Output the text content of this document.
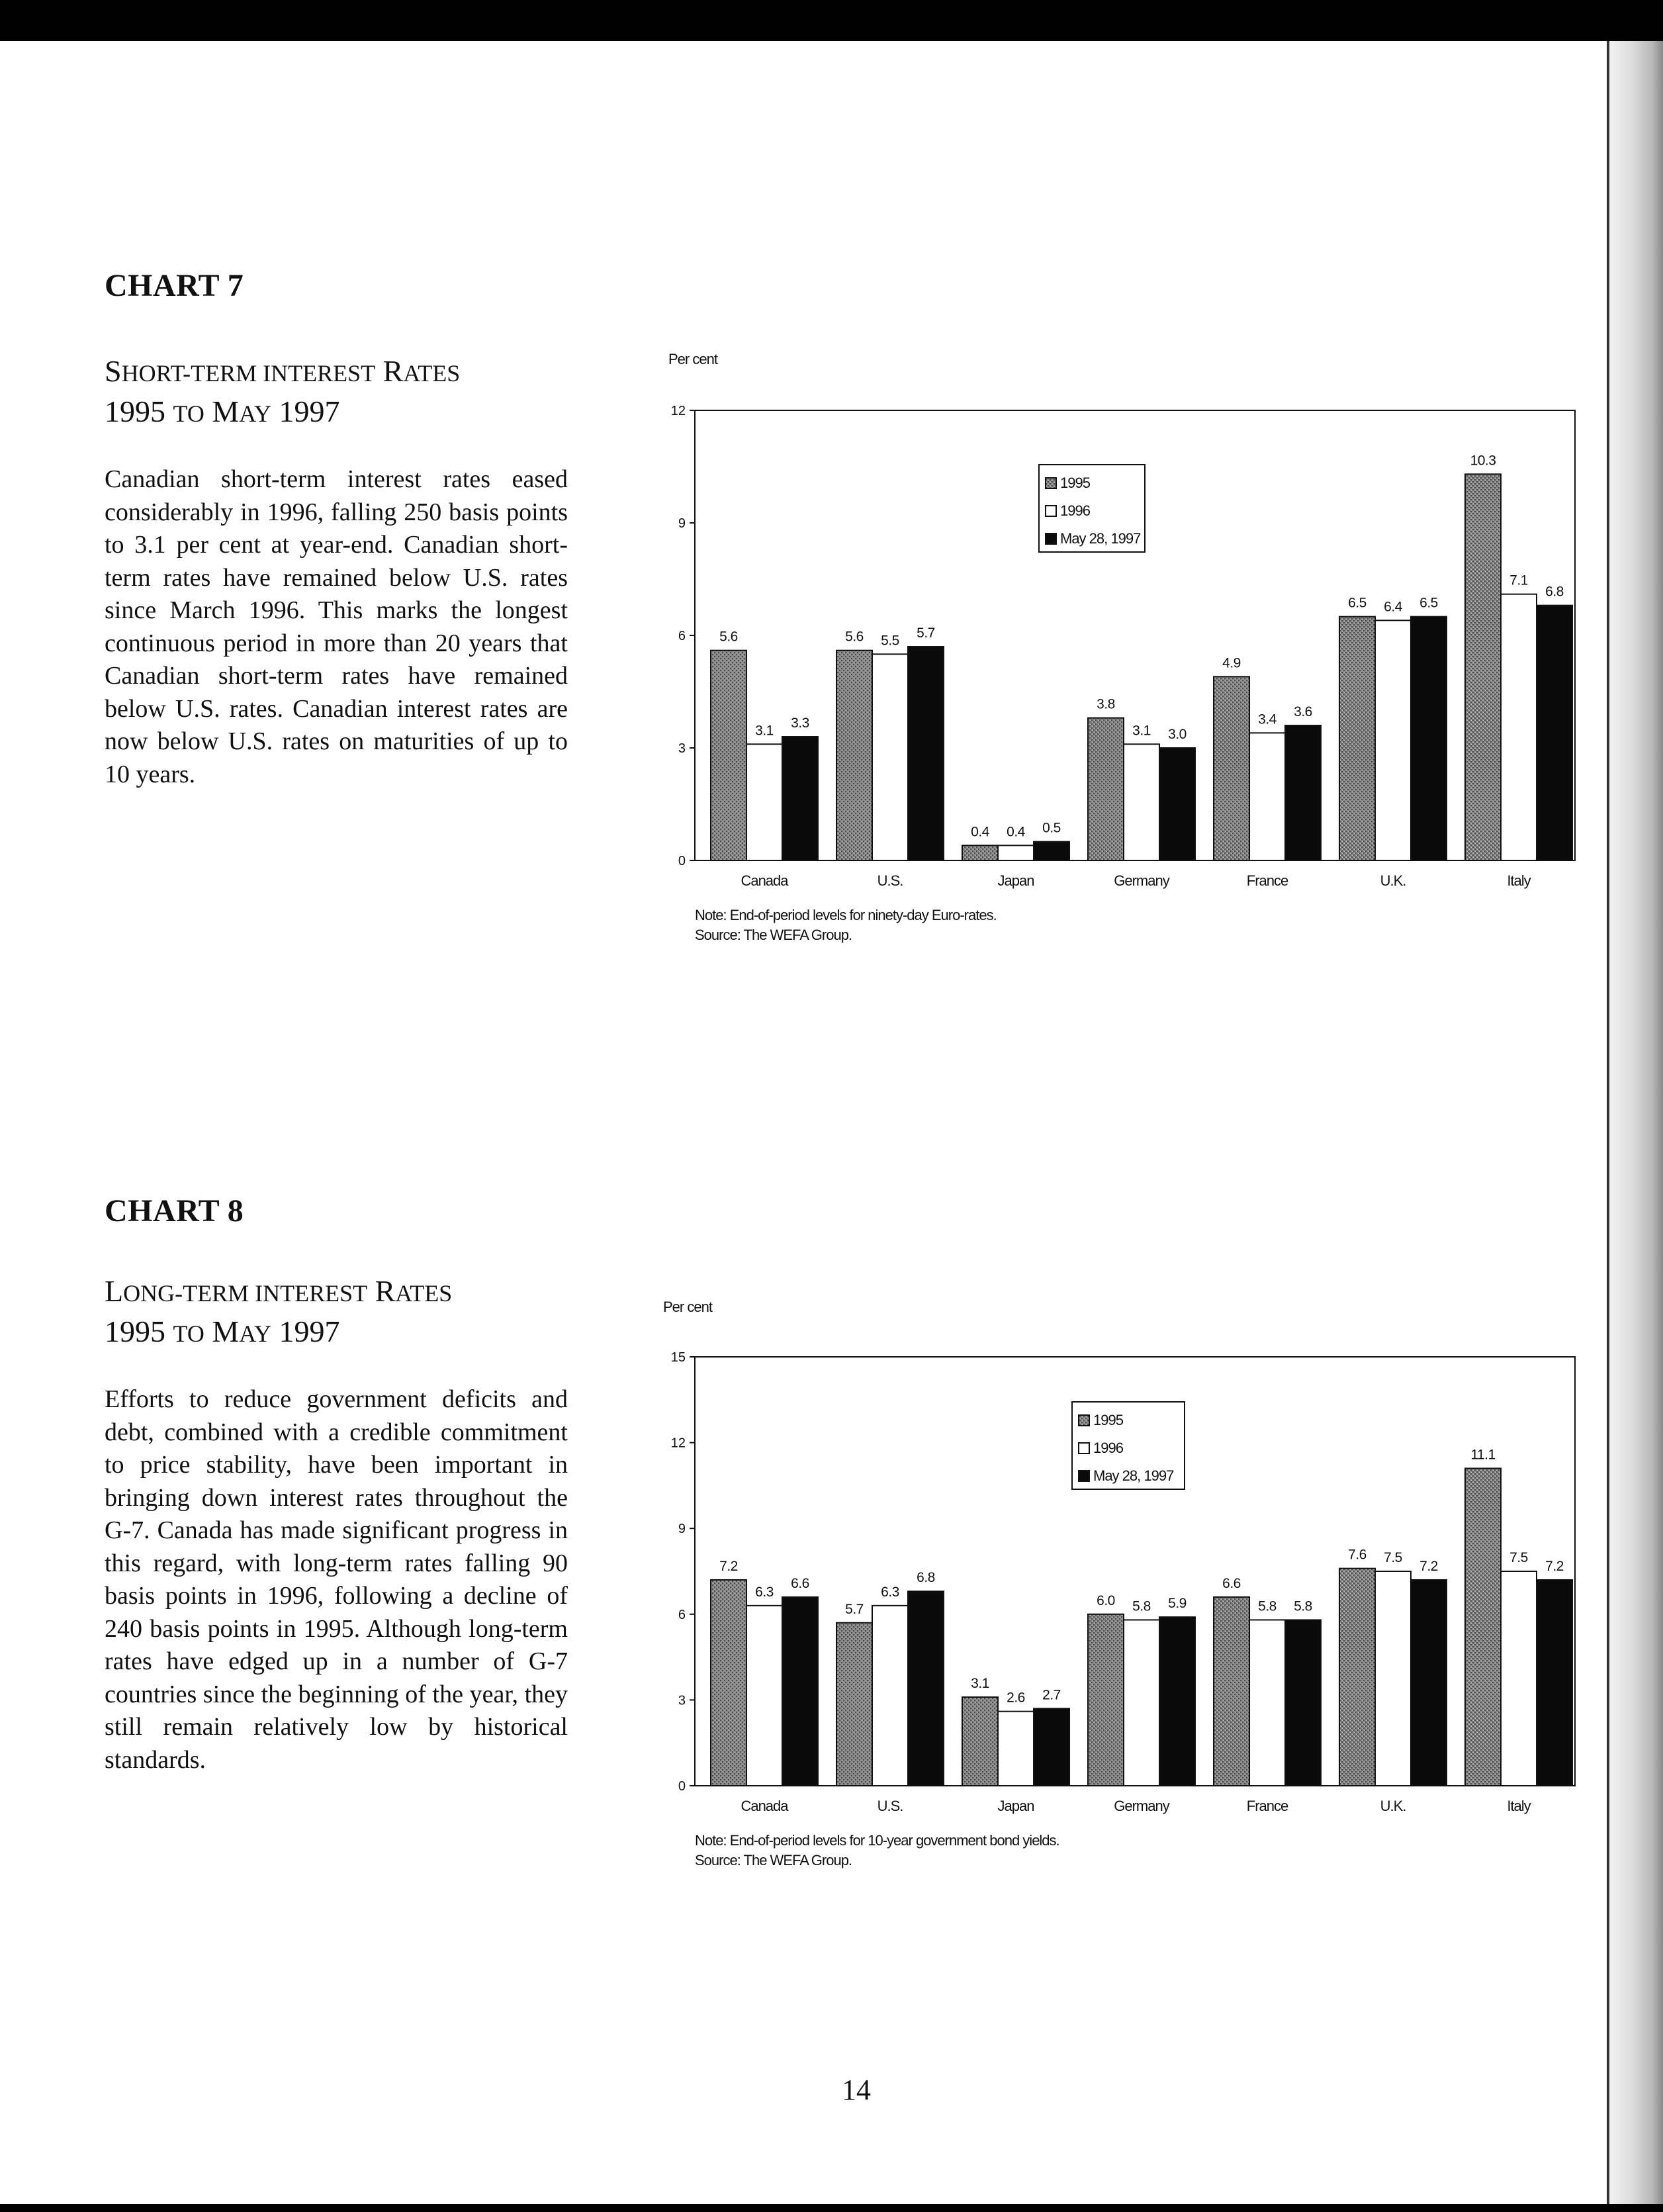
CHART 7
SHORT-TERM INTEREST RATES
1995 TO MAY 1997
Canadian short-term interest rates eased considerably in 1996, falling 250 basis points to 3.1 per cent at year-end. Canadian short-term rates have remained below U.S. rates since March 1996. This marks the longest continuous period in more than 20 years that Canadian short-term rates have remained below U.S. rates. Canadian interest rates are now below U.S. rates on maturities of up to 10 years.
Per cent
0
3
6
9
12
5.6
3.1 3.3
Canada
5.6 5.5 5.7
U.S.
0.4 0.4 0.5
Japan
3.8
3.1 3.0
Germany
4.9
3.4 3.6
France
6.5 6.4 6.5
U.K.
10.3
7.1
6.8
Italy
1995
1996
May 28, 1997
Note: End-of-period levels for ninety-day Euro-rates.
Source: The WEFA Group.
CHART 8
LONG-TERM INTEREST RATES
1995 TO MAY 1997
Efforts to reduce government deficits and debt, combined with a credible commitment to price stability, have been important in bringing down interest rates throughout the G-7. Canada has made significant progress in this regard, with long-term rates falling 90 basis points in 1996, following a decline of 240 basis points in 1995. Although long-term rates have edged up in a number of G-7 countries since the beginning of the year, they still remain relatively low by historical standards.
Per cent
0
3
6
9
12
15
7.2
6.3
6.6
Canada
5.7
6.3
6.8
U.S.
3.1
2.6 2.7
Japan
6.0 5.8 5.9
Germany
6.6
5.8 5.8
France
7.6 7.5
7.2
U.K.
11.1
7.5
7.2
Italy
1995
1996
May 28, 1997
Note: End-of-period levels for 10-year government bond yields.
Source: The WEFA Group.
14
